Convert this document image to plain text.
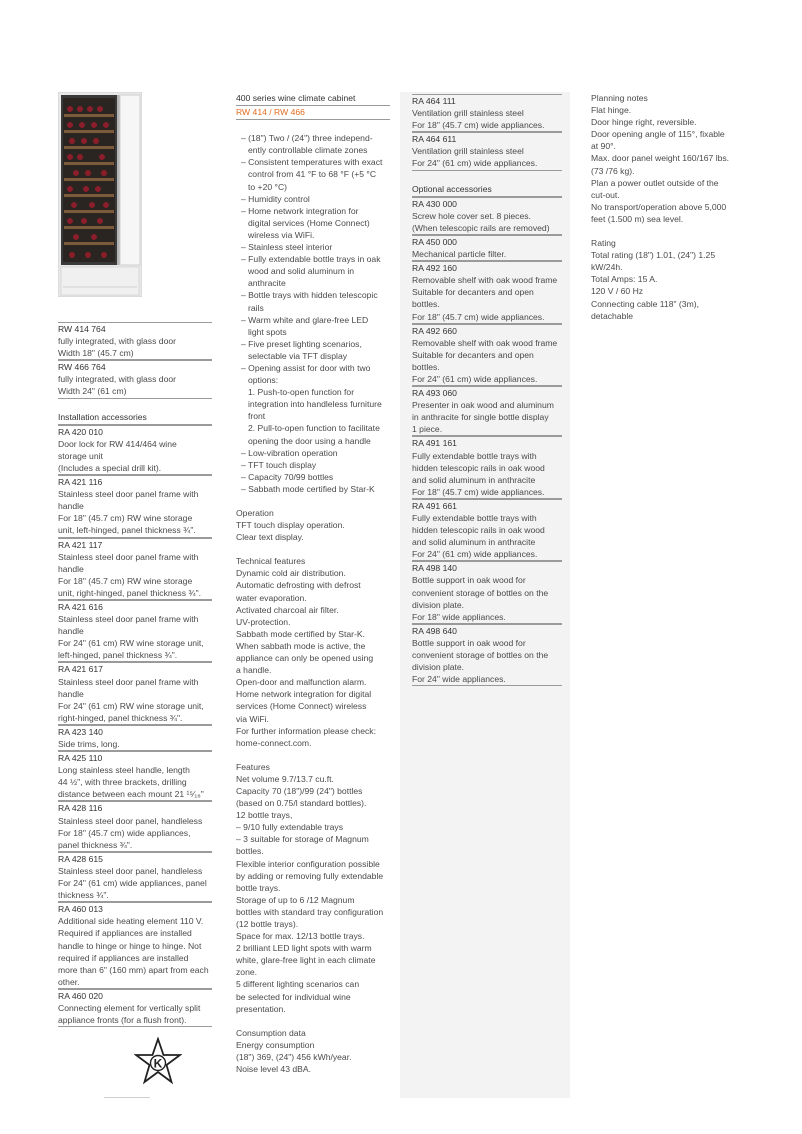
RW 414 764
fully integrated, with glass door
Width 18" (45.7 cm)
RW 466 764
fully integrated, with glass door
Width 24" (61 cm)
Installation accessories
RA 420 010
Door lock for RW 414/464 wine
storage unit
(Includes a special drill kit).
RA 421 116
Stainless steel door panel frame with
handle
For 18" (45.7 cm) RW wine storage
unit, left-hinged, panel thickness ¾".
RA 421 117
Stainless steel door panel frame with
handle
For 18" (45.7 cm) RW wine storage
unit, right-hinged, panel thickness ¾".
RA 421 616
Stainless steel door panel frame with
handle
For 24" (61 cm) RW wine storage unit,
left-hinged, panel thickness ¾".
RA 421 617
Stainless steel door panel frame with
handle
For 24" (61 cm) RW wine storage unit,
right-hinged, panel thickness ¾".
RA 423 140
Side trims, long.
RA 425 110
Long stainless steel handle, length
44 ½", with three brackets, drilling
distance between each mount 21 ¹⁵⁄₁₆"
RA 428 116
Stainless steel door panel, handleless
For 18" (45.7 cm) wide appliances,
panel thickness ¾".
RA 428 615
Stainless steel door panel, handleless
For 24" (61 cm) wide appliances, panel
thickness ¾".
RA 460 013
Additional side heating element 110 V.
Required if appliances are installed
handle to hinge or hinge to hinge. Not
required if appliances are installed
more than 6" (160 mm) apart from each
other.
RA 460 020
Connecting element for vertically split
appliance fronts (for a flush front).
400 series wine climate cabinet
RW 414 / RW 466
– (18") Two / (24") three independ-
ently controllable climate zones
– Consistent temperatures with exact
control from 41 °F to 68 °F (+5 °C
to +20 °C)
– Humidity control
– Home network integration for
digital services (Home Connect)
wireless via WiFi.
– Stainless steel interior
– Fully extendable bottle trays in oak
wood and solid aluminum in
anthracite
– Bottle trays with hidden telescopic
rails
– Warm white and glare-free LED
light spots
– Five preset lighting scenarios,
selectable via TFT display
– Opening assist for door with two
options:
1. Push-to-open function for
integration into handleless furniture
front
2. Pull-to-open function to facilitate
opening the door using a handle
– Low-vibration operation
– TFT touch display
– Capacity 70/99 bottles
– Sabbath mode certified by Star-K
Operation
TFT touch display operation.
Clear text display.
Technical features
Dynamic cold air distribution.
Automatic defrosting with defrost
water evaporation.
Activated charcoal air filter.
UV-protection.
Sabbath mode certified by Star-K.
When sabbath mode is active, the
appliance can only be opened using
a handle.
Open-door and malfunction alarm.
Home network integration for digital
services (Home Connect) wireless
via WiFi.
For further information please check:
home-connect.com.
Features
Net volume 9.7/13.7 cu.ft.
Capacity 70 (18")/99 (24") bottles
(based on 0.75/l standard bottles).
12 bottle trays,
– 9/10 fully extendable trays
– 3 suitable for storage of Magnum
bottles.
Flexible interior configuration possible
by adding or removing fully extendable
bottle trays.
Storage of up to 6 /12 Magnum
bottles with standard tray configuration
(12 bottle trays).
Space for max. 12/13 bottle trays.
2 brilliant LED light spots with warm
white, glare-free light in each climate
zone.
5 different lighting scenarios can
be selected for individual wine
presentation.
Consumption data
Energy consumption
(18") 369, (24") 456 kWh/year.
Noise level 43 dBA.
RA 464 111
Ventilation grill stainless steel
For 18" (45.7 cm) wide appliances.
RA 464 611
Ventilation grill stainless steel
For 24" (61 cm) wide appliances.
Optional accessories
RA 430 000
Screw hole cover set. 8 pieces.
(When telescopic rails are removed)
RA 450 000
Mechanical particle filter.
RA 492 160
Removable shelf with oak wood frame
Suitable for decanters and open
bottles.
For 18" (45.7 cm) wide appliances.
RA 492 660
Removable shelf with oak wood frame
Suitable for decanters and open
bottles.
For 24" (61 cm) wide appliances.
RA 493 060
Presenter in oak wood and aluminum
in anthracite for single bottle display
1 piece.
RA 491 161
Fully extendable bottle trays with
hidden telescopic rails in oak wood
and solid aluminum in anthracite
For 18" (45.7 cm) wide appliances.
RA 491 661
Fully extendable bottle trays with
hidden telescopic rails in oak wood
and solid aluminum in anthracite
For 24" (61 cm) wide appliances.
RA 498 140
Bottle support in oak wood for
convenient storage of bottles on the
division plate.
For 18" wide appliances.
RA 498 640
Bottle support in oak wood for
convenient storage of bottles on the
division plate.
For 24" wide appliances.
Planning notes
Flat hinge.
Door hinge right, reversible.
Door opening angle of 115°, fixable
at 90°.
Max. door panel weight 160/167 lbs.
(73 /76 kg).
Plan a power outlet outside of the
cut-out.
No transport/operation above 5,000
feet (1.500 m) sea level.
Rating
Total rating (18") 1.01, (24") 1.25
kW/24h.
Total Amps: 15 A.
120 V / 60 Hz
Connecting cable 118" (3m),
detachable
K
